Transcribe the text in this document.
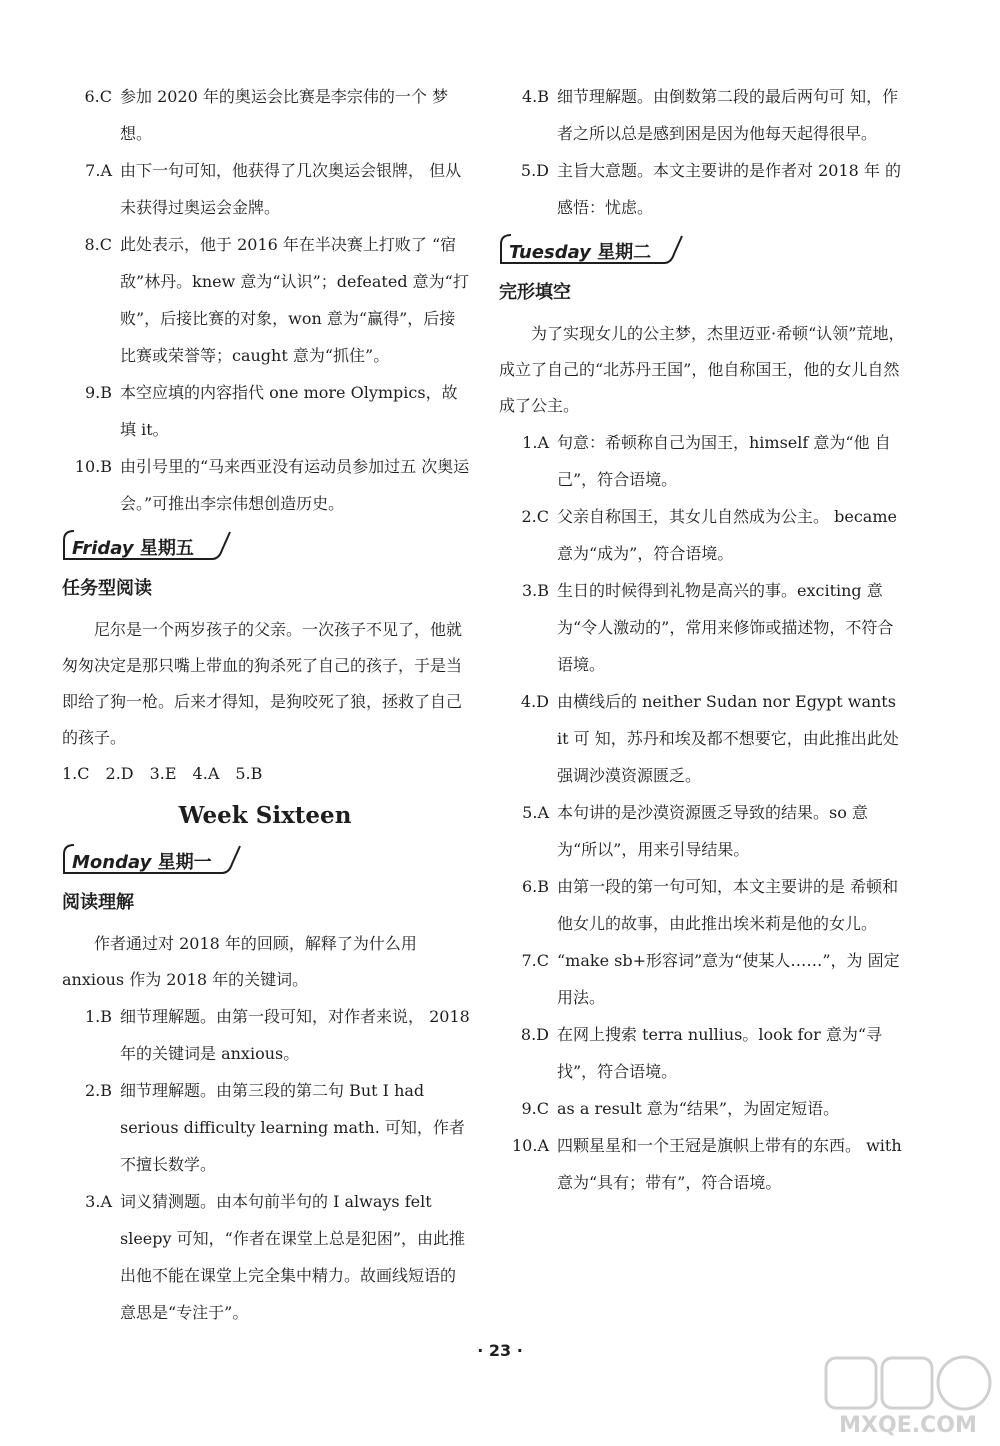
6.C 参加 2020 年的奥运会比赛是李宗伟的一个 梦想。
7.A 由下一句可知，他获得了几次奥运会银牌， 但从未获得过奥运会金牌。
8.C 此处表示，他于 2016 年在半决赛上打败了 “宿敌”林丹。knew 意为“认识”；defeated 意为“打败”，后接比赛的对象，won 意为“赢得”，后接比赛或荣誉等；caught 意为“抓住”。
9.B 本空应填的内容指代 one more Olympics，故 填 it。
10.B 由引号里的“马来西亚没有运动员参加过五 次奥运会。”可推出李宗伟想创造历史。
Friday 星期五
任务型阅读

尼尔是一个两岁孩子的父亲。一次孩子不见了，他就匆匆决定是那只嘴上带血的狗杀死了自己的孩子，于是当即给了狗一枪。后来才得知，是狗咬死了狼，拯救了自己的孩子。

1.C　2.D　3.E　4.A　5.B
Week Sixteen
Monday 星期一
阅读理解

作者通过对 2018 年的回顾，解释了为什么用 anxious 作为 2018 年的关键词。

1.B 细节理解题。由第一段可知，对作者来说， 2018 年的关键词是 anxious。
2.B 细节理解题。由第三段的第二句 But I had serious difficulty learning math. 可知，作者不擅长数学。
3.A 词义猜测题。由本句前半句的 I always felt sleepy 可知，“作者在课堂上总是犯困”，由此推出他不能在课堂上完全集中精力。故画线短语的意思是“专注于”。
4.B 细节理解题。由倒数第二段的最后两句可 知，作者之所以总是感到困是因为他每天起得很早。
5.D 主旨大意题。本文主要讲的是作者对 2018 年 的感悟：忧虑。
Tuesday 星期二
完形填空

为了实现女儿的公主梦，杰里迈亚·希顿“认领”荒地，成立了自己的“北苏丹王国”，他自称国王，他的女儿自然成了公主。

1.A 句意：希顿称自己为国王，himself 意为“他 自己”，符合语境。
2.C 父亲自称国王，其女儿自然成为公主。 became 意为“成为”，符合语境。
3.B 生日的时候得到礼物是高兴的事。exciting 意 为“令人激动的”，常用来修饰或描述物，不符合语境。
4.D 由横线后的 neither Sudan nor Egypt wants it 可 知，苏丹和埃及都不想要它，由此推出此处强调沙漠资源匮乏。
5.A 本句讲的是沙漠资源匮乏导致的结果。so 意 为“所以”，用来引导结果。
6.B 由第一段的第一句可知，本文主要讲的是 希顿和他女儿的故事，由此推出埃米莉是他的女儿。
7.C “make sb+形容词”意为“使某人……”，为 固定用法。
8.D 在网上搜索 terra nullius。look for 意为“寻 找”，符合语境。
9.C as a result 意为“结果”，为固定短语。
10.A 四颗星星和一个王冠是旗帜上带有的东西。 with 意为“具有；带有”，符合语境。
· 23 ·
MXQE.COM
